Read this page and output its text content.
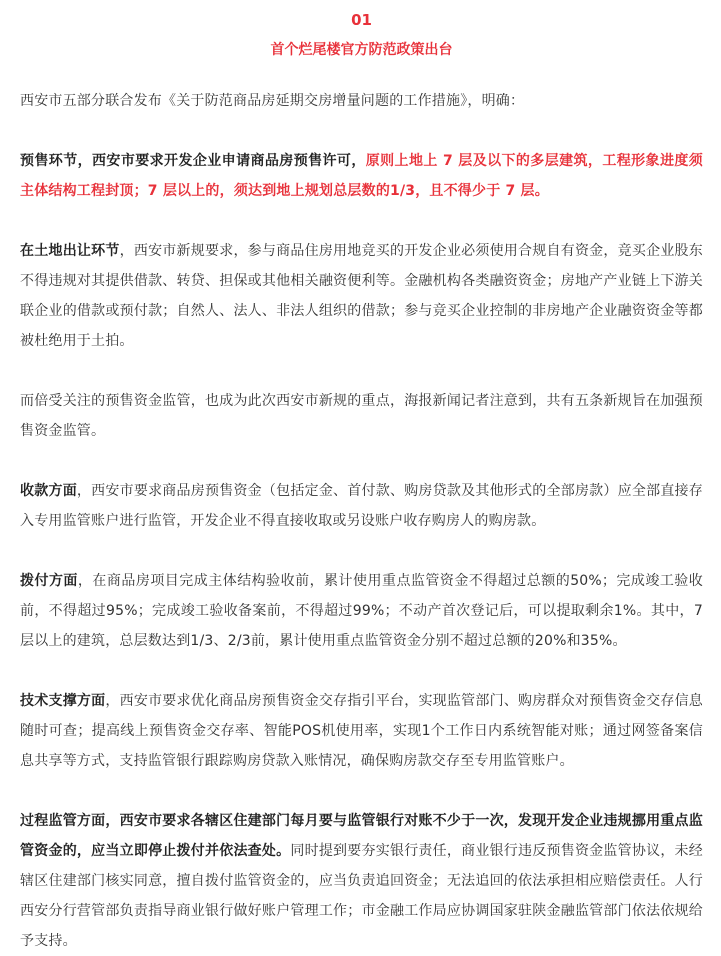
01
首个烂尾楼官方防范政策出台

西安市五部分联合发布《关于防范商品房延期交房增量问题的工作措施》，明确：

预售环节，西安市要求开发企业申请商品房预售许可，原则上地上 7 层及以下的多层建筑，工程形象进度须主体结构工程封顶；7 层以上的，须达到地上规划总层数的1/3，且不得少于 7 层。

在土地出让环节，西安市新规要求，参与商品住房用地竞买的开发企业必须使用合规自有资金，竞买企业股东不得违规对其提供借款、转贷、担保或其他相关融资便利等。金融机构各类融资资金；房地产产业链上下游关联企业的借款或预付款；自然人、法人、非法人组织的借款；参与竞买企业控制的非房地产企业融资资金等都被杜绝用于土拍。

而倍受关注的预售资金监管，也成为此次西安市新规的重点，海报新闻记者注意到，共有五条新规旨在加强预售资金监管。

收款方面，西安市要求商品房预售资金（包括定金、首付款、购房贷款及其他形式的全部房款）应全部直接存入专用监管账户进行监管，开发企业不得直接收取或另设账户收存购房人的购房款。

拨付方面，在商品房项目完成主体结构验收前，累计使用重点监管资金不得超过总额的50%；完成竣工验收前，不得超过95%；完成竣工验收备案前，不得超过99%；不动产首次登记后，可以提取剩余1%。其中，7层以上的建筑，总层数达到1/3、2/3前，累计使用重点监管资金分别不超过总额的20%和35%。

技术支撑方面，西安市要求优化商品房预售资金交存指引平台，实现监管部门、购房群众对预售资金交存信息随时可查；提高线上预售资金交存率、智能POS机使用率，实现1个工作日内系统智能对账；通过网签备案信息共享等方式，支持监管银行跟踪购房贷款入账情况，确保购房款交存至专用监管账户。

过程监管方面，西安市要求各辖区住建部门每月要与监管银行对账不少于一次，发现开发企业违规挪用重点监管资金的，应当立即停止拨付并依法查处。同时提到要夯实银行责任，商业银行违反预售资金监管协议，未经辖区住建部门核实同意，擅自拨付监管资金的，应当负责追回资金；无法追回的依法承担相应赔偿责任。人行西安分行营管部负责指导商业银行做好账户管理工作；市金融工作局应协调国家驻陕金融监管部门依法依规给予支持。
